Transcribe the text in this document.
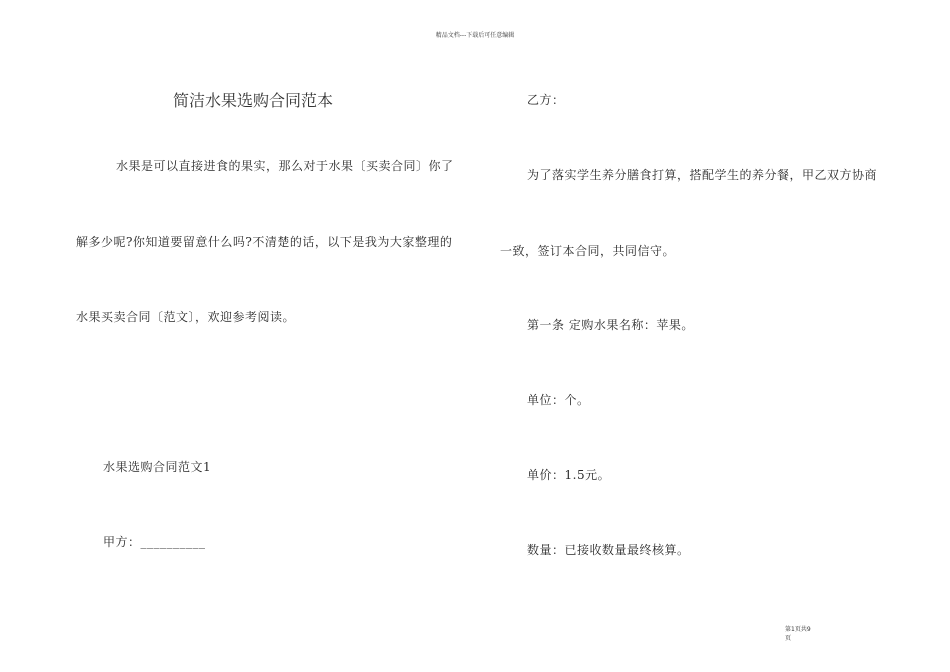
精品文档---下载后可任意编辑
简洁水果选购合同范本
水果是可以直接进食的果实，那么对于水果〔买卖合同〕你了
解多少呢?你知道要留意什么吗?不清楚的话，以下是我为大家整理的
水果买卖合同〔范文〕，欢迎参考阅读。
水果选购合同范文1
甲方：__________
乙方：
为了落实学生养分膳食打算，搭配学生的养分餐，甲乙双方协商
一致，签订本合同，共同信守。
第一条 定购水果名称：苹果。
单位：个。
单价：1.5元。
数量：已接收数量最终核算。
第1页共9
页
